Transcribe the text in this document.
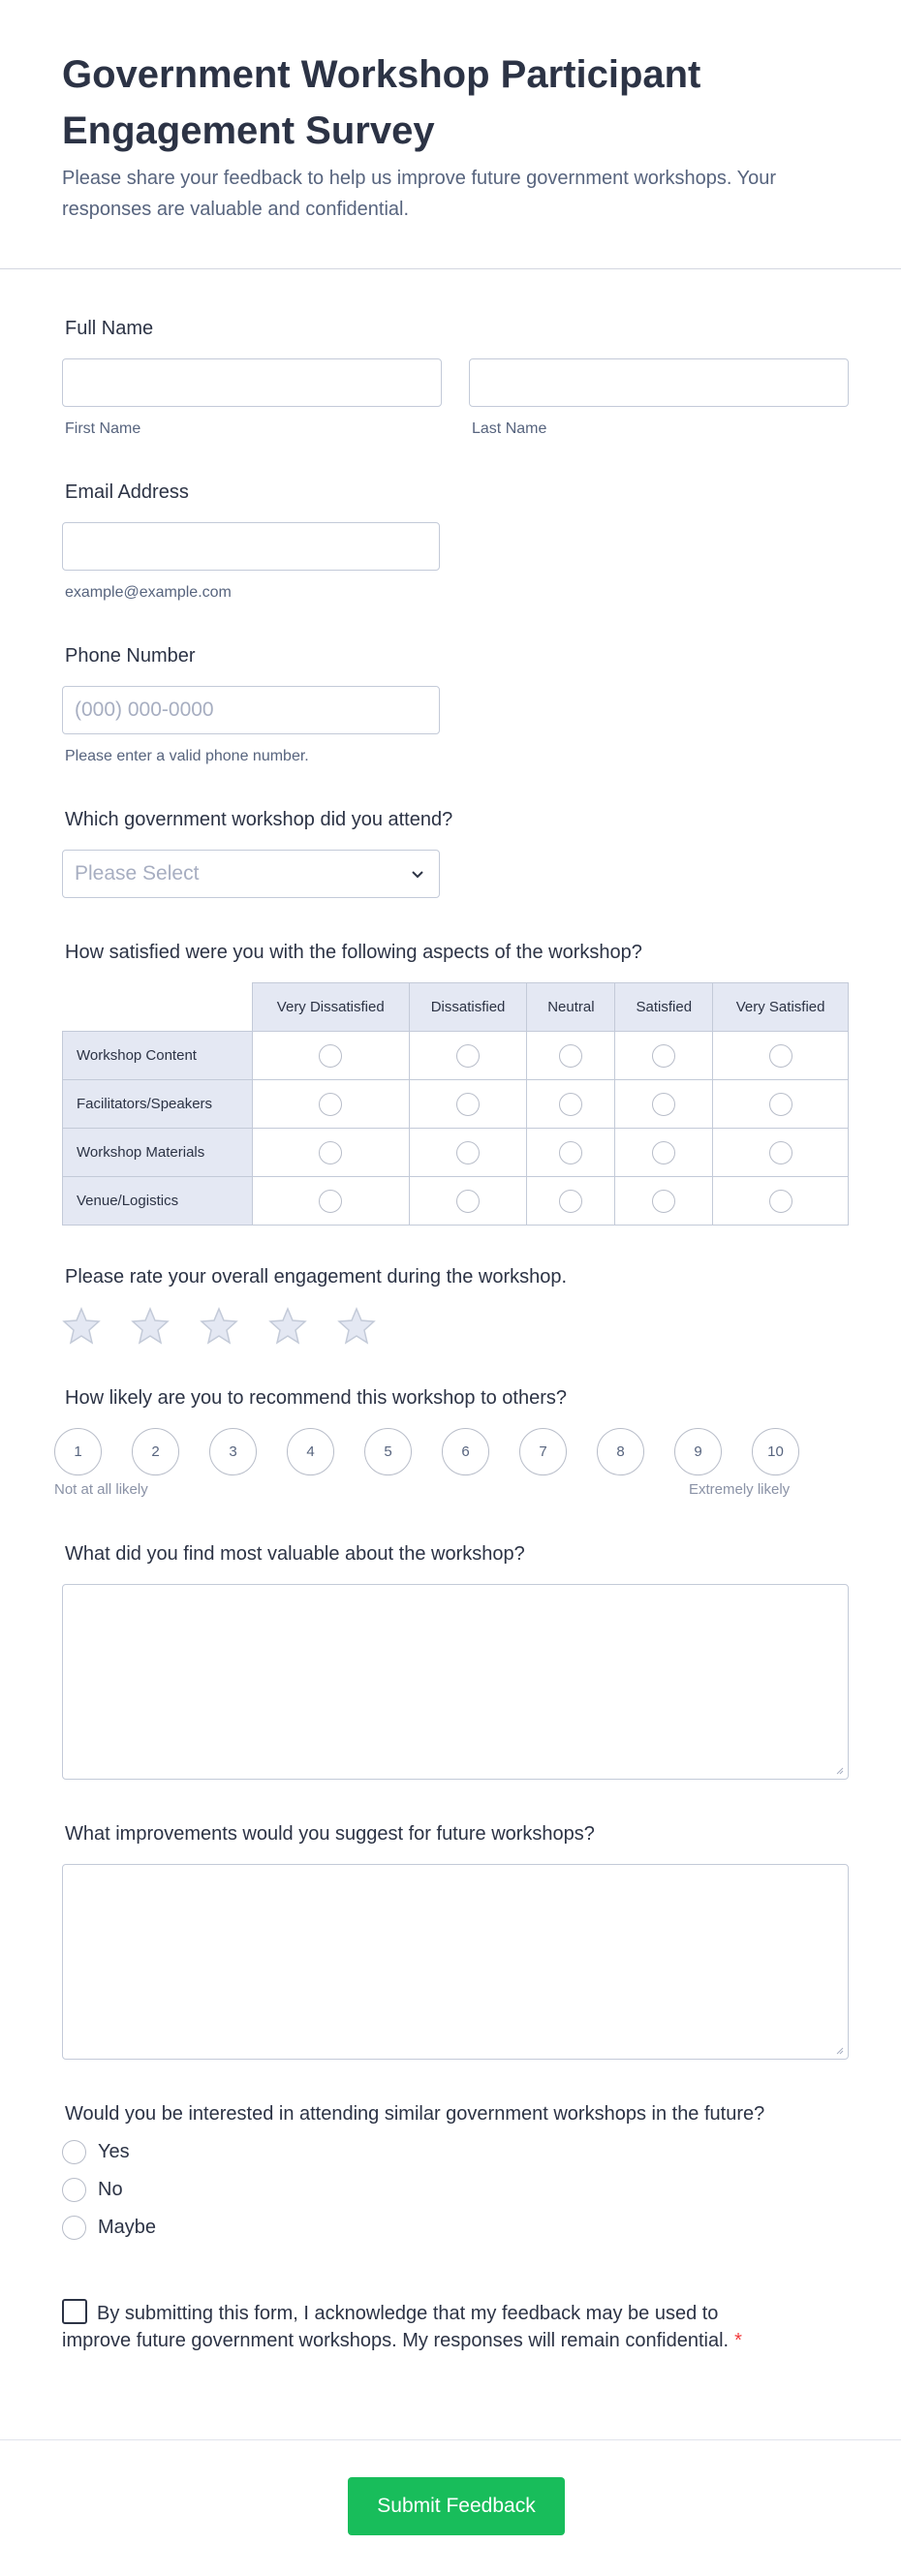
Government Workshop Participant Engagement Survey

Please share your feedback to help us improve future government workshops. Your responses are valuable and confidential.

Full Name
First Name	Last Name
Email Address
example@example.com
Phone Number
(000) 000-0000
Please enter a valid phone number.
Which government workshop did you attend?
Please Select
How satisfied were you with the following aspects of the workshop?
	Very Dissatisfied	Dissatisfied	Neutral	Satisfied	Very Satisfied
Workshop Content					
Facilitators/Speakers					
Workshop Materials					
Venue/Logistics					
Please rate your overall engagement during the workshop.
How likely are you to recommend this workshop to others?
1	2	3	4	5	6	7	8	9	10
Not at all likely	Extremely likely
What did you find most valuable about the workshop?
What improvements would you suggest for future workshops?
Would you be interested in attending similar government workshops in the future?
Yes
No
Maybe
By submitting this form, I acknowledge that my feedback may be used to improve future government workshops. My responses will remain confidential. *
Submit Feedback
